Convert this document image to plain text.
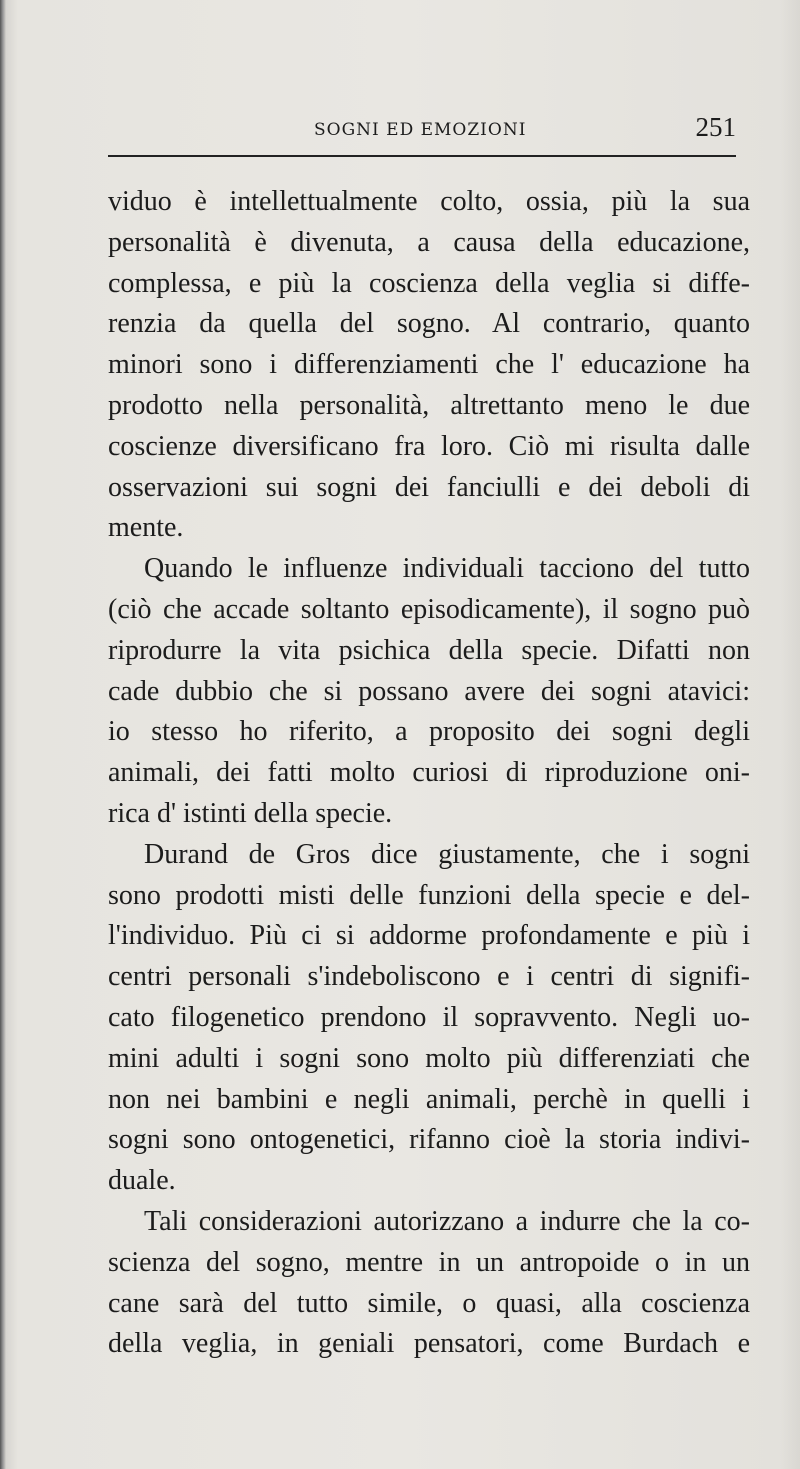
SOGNI ED EMOZIONI	251
viduo è intellettualmente colto, ossia, più la sua
personalità è divenuta, a causa della educazione,
complessa, e più la coscienza della veglia si diffe-
renzia da quella del sogno. Al contrario, quanto
minori sono i differenziamenti che l' educazione ha
prodotto nella personalità, altrettanto meno le due
coscienze diversificano fra loro. Ciò mi risulta dalle
osservazioni sui sogni dei fanciulli e dei deboli di
mente.
Quando le influenze individuali tacciono del tutto
(ciò che accade soltanto episodicamente), il sogno può
riprodurre la vita psichica della specie. Difatti non
cade dubbio che si possano avere dei sogni atavici:
io stesso ho riferito, a proposito dei sogni degli
animali, dei fatti molto curiosi di riproduzione oni-
rica d' istinti della specie.
Durand de Gros dice giustamente, che i sogni
sono prodotti misti delle funzioni della specie e del-
l'individuo. Più ci si addorme profondamente e più i
centri personali s'indeboliscono e i centri di signifi-
cato filogenetico prendono il sopravvento. Negli uo-
mini adulti i sogni sono molto più differenziati che
non nei bambini e negli animali, perchè in quelli i
sogni sono ontogenetici, rifanno cioè la storia indivi-
duale.
Tali considerazioni autorizzano a indurre che la co-
scienza del sogno, mentre in un antropoide o in un
cane sarà del tutto simile, o quasi, alla coscienza
della veglia, in geniali pensatori, come Burdach e
